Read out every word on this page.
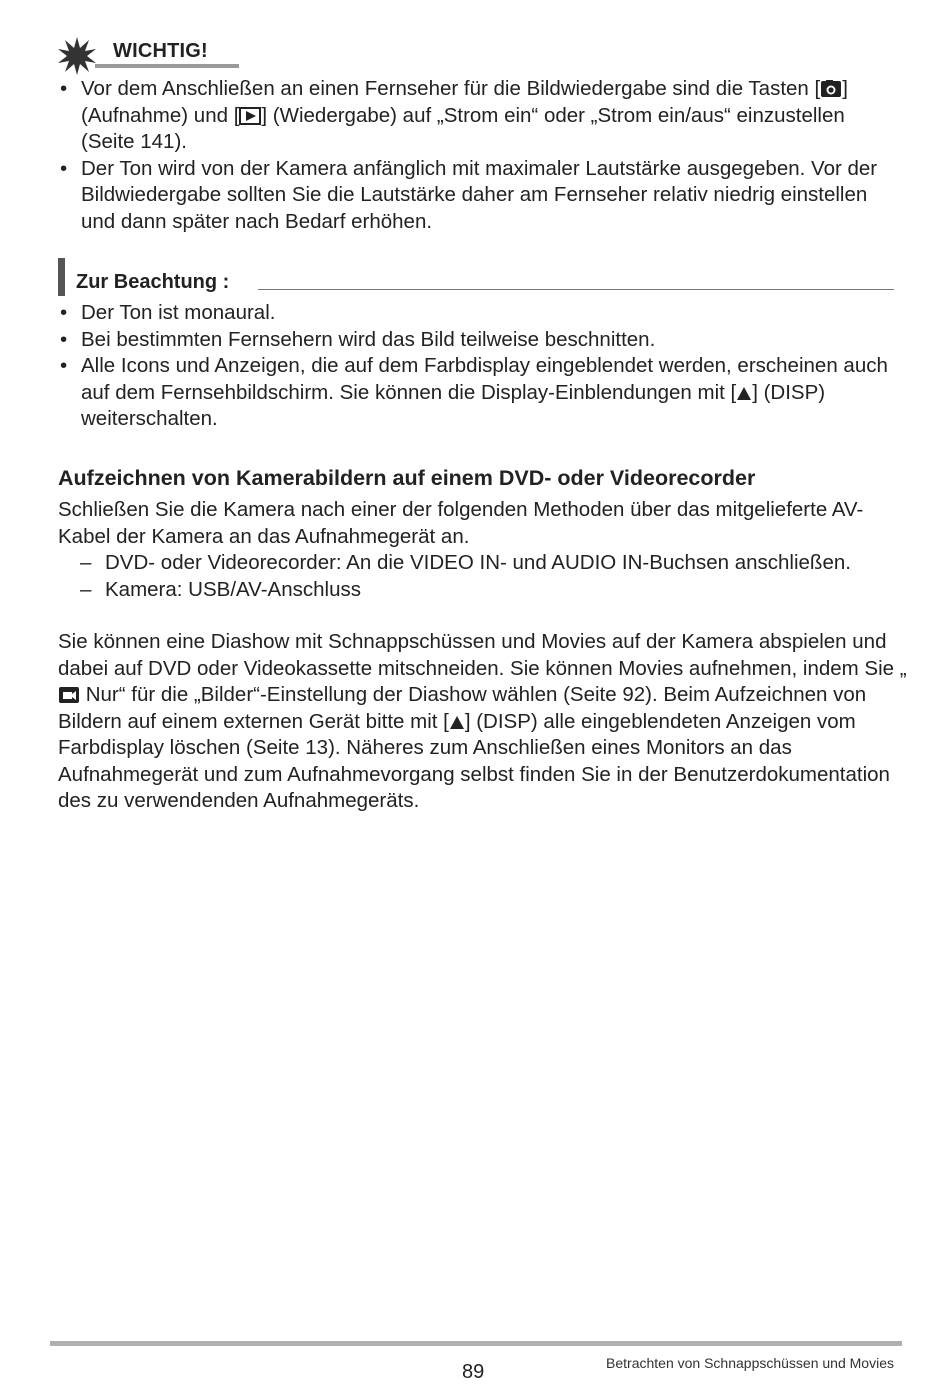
WICHTIG!
• Vor dem Anschließen an einen Fernseher für die Bildwiedergabe sind die Tasten [ ] (Aufnahme) und [ ] (Wiedergabe) auf „Strom ein“ oder „Strom ein/aus“ einzustellen (Seite 141).
• Der Ton wird von der Kamera anfänglich mit maximaler Lautstärke ausgegeben. Vor der Bildwiedergabe sollten Sie die Lautstärke daher am Fernseher relativ niedrig einstellen und dann später nach Bedarf erhöhen.
Zur Beachtung :
• Der Ton ist monaural.
• Bei bestimmten Fernsehern wird das Bild teilweise beschnitten.
• Alle Icons und Anzeigen, die auf dem Farbdisplay eingeblendet werden, erscheinen auch auf dem Fernsehbildschirm. Sie können die Display-Einblendungen mit [ ] (DISP) weiterschalten.
Aufzeichnen von Kamerabildern auf einem DVD- oder Videorecorder

Schließen Sie die Kamera nach einer der folgenden Methoden über das mitgelieferte AV-Kabel der Kamera an das Aufnahmegerät an.

– DVD- oder Videorecorder: An die VIDEO IN- und AUDIO IN-Buchsen anschließen.
– Kamera: USB/AV-Anschluss

Sie können eine Diashow mit Schnappschüssen und Movies auf der Kamera abspielen und dabei auf DVD oder Videokassette mitschneiden. Sie können Movies aufnehmen, indem Sie „ Nur“ für die „Bilder“-Einstellung der Diashow wählen (Seite 92). Beim Aufzeichnen von Bildern auf einem externen Gerät bitte mit [ ] (DISP) alle eingeblendeten Anzeigen vom Farbdisplay löschen (Seite 13). Näheres zum Anschließen eines Monitors an das Aufnahmegerät und zum Aufnahmevorgang selbst finden Sie in der Benutzerdokumentation des zu verwendenden Aufnahmegeräts.

89	Betrachten von Schnappschüssen und Movies
